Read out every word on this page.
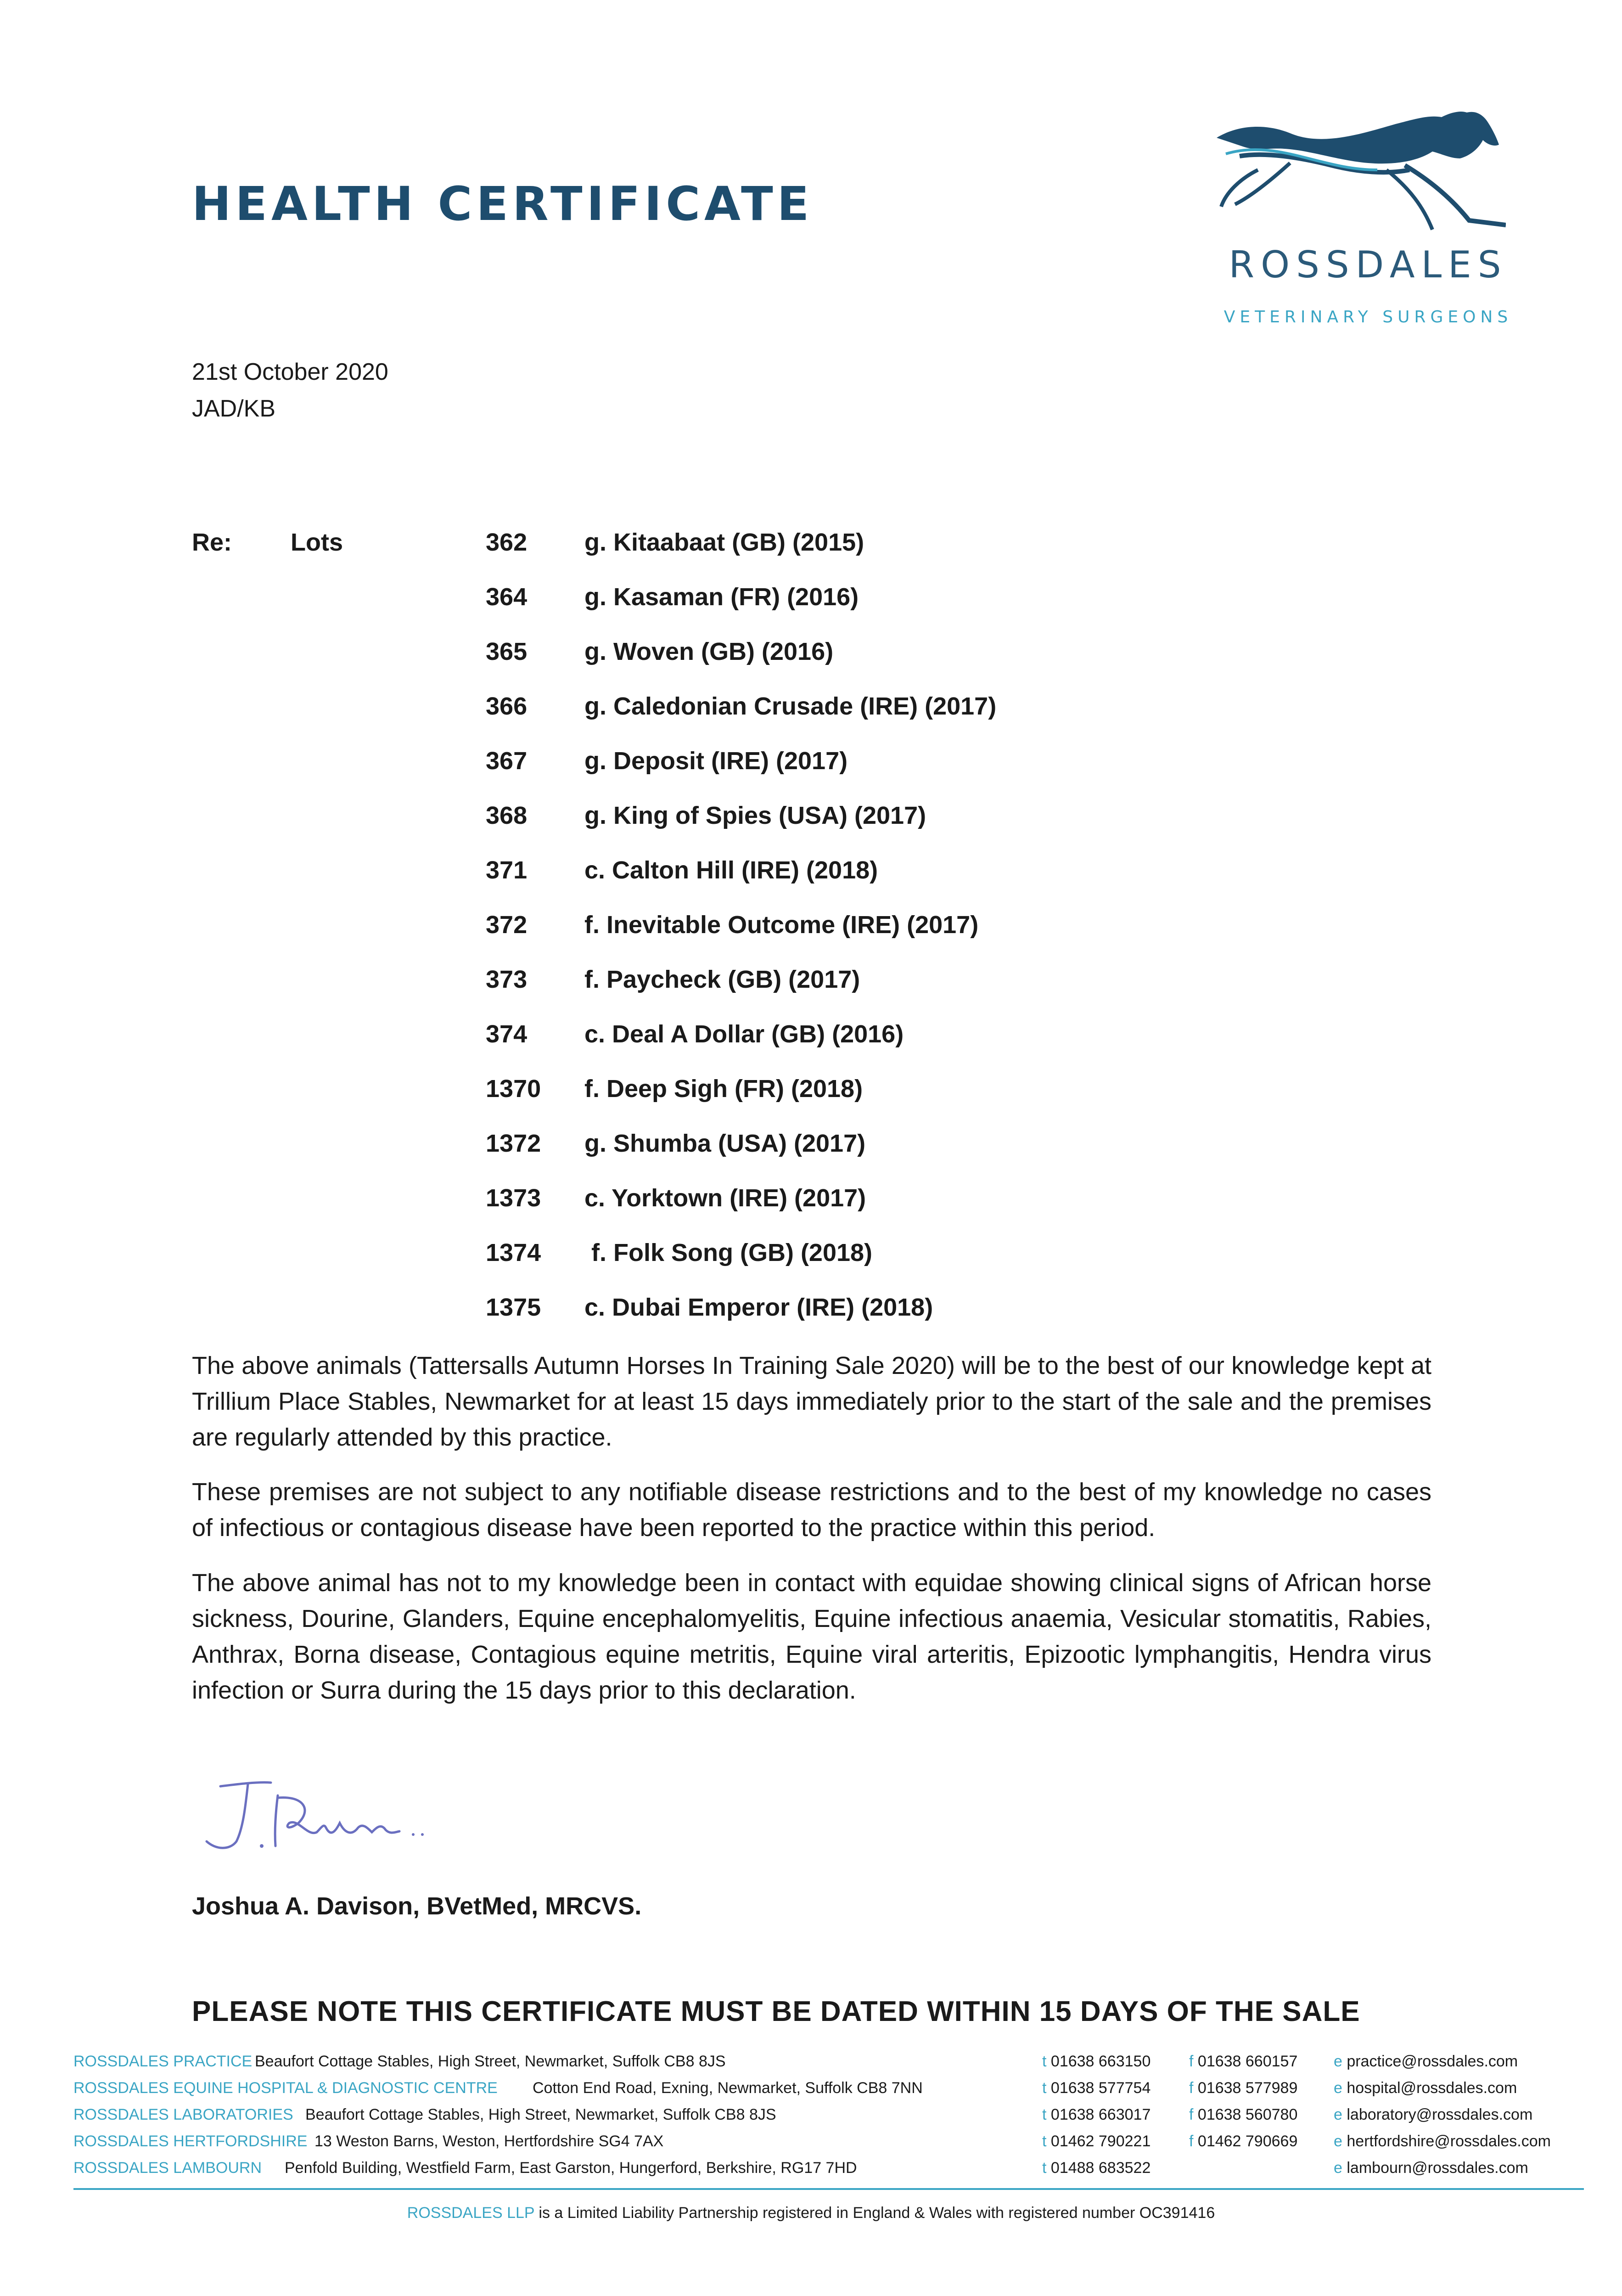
HEALTH CERTIFICATE
ROSSDALES
VETERINARY SURGEONS
21st October 2020
JAD/KB
Re: Lots	362 g. Kitaabaat (GB) (2015)
364 g. Kasaman (FR) (2016)
365 g. Woven (GB) (2016)
366 g. Caledonian Crusade (IRE) (2017)
367 g. Deposit (IRE) (2017)
368 g. King of Spies (USA) (2017)
371 c. Calton Hill (IRE) (2018)
372 f. Inevitable Outcome (IRE) (2017)
373 f. Paycheck (GB) (2017)
374 c. Deal A Dollar (GB) (2016)
1370 f. Deep Sigh (FR) (2018)
1372 g. Shumba (USA) (2017)
1373 c. Yorktown (IRE) (2017)
1374 f. Folk Song (GB) (2018)
1375 c. Dubai Emperor (IRE) (2018)

The above animals (Tattersalls Autumn Horses In Training Sale 2020) will be to the best of our knowledge kept at Trillium Place Stables, Newmarket for at least 15 days immediately prior to the start of the sale and the premises are regularly attended by this practice.

These premises are not subject to any notifiable disease restrictions and to the best of my knowledge no cases of infectious or contagious disease have been reported to the practice within this period.

The above animal has not to my knowledge been in contact with equidae showing clinical signs of African horse sickness, Dourine, Glanders, Equine encephalomyelitis, Equine infectious anaemia, Vesicular stomatitis, Rabies, Anthrax, Borna disease, Contagious equine metritis, Equine viral arteritis, Epizootic lymphangitis, Hendra virus infection or Surra during the 15 days prior to this declaration.

Joshua A. Davison, BVetMed, MRCVS.
PLEASE NOTE THIS CERTIFICATE MUST BE DATED WITHIN 15 DAYS OF THE SALE
ROSSDALES PRACTICE Beaufort Cottage Stables, High Street, Newmarket, Suffolk CB8 8JS	t 01638 663150 f 01638 660157 e practice@rossdales.com
ROSSDALES EQUINE HOSPITAL & DIAGNOSTIC CENTRE Cotton End Road, Exning, Newmarket, Suffolk CB8 7NN	t 01638 577754 f 01638 577989 e hospital@rossdales.com
ROSSDALES LABORATORIES Beaufort Cottage Stables, High Street, Newmarket, Suffolk CB8 8JS	t 01638 663017 f 01638 560780 e laboratory@rossdales.com
ROSSDALES HERTFORDSHIRE 13 Weston Barns, Weston, Hertfordshire SG4 7AX	t 01462 790221 f 01462 790669 e hertfordshire@rossdales.com
ROSSDALES LAMBOURN Penfold Building, Westfield Farm, East Garston, Hungerford, Berkshire, RG17 7HD	t 01488 683522	e lambourn@rossdales.com
ROSSDALES LLP is a Limited Liability Partnership registered in England & Wales with registered number OC391416
